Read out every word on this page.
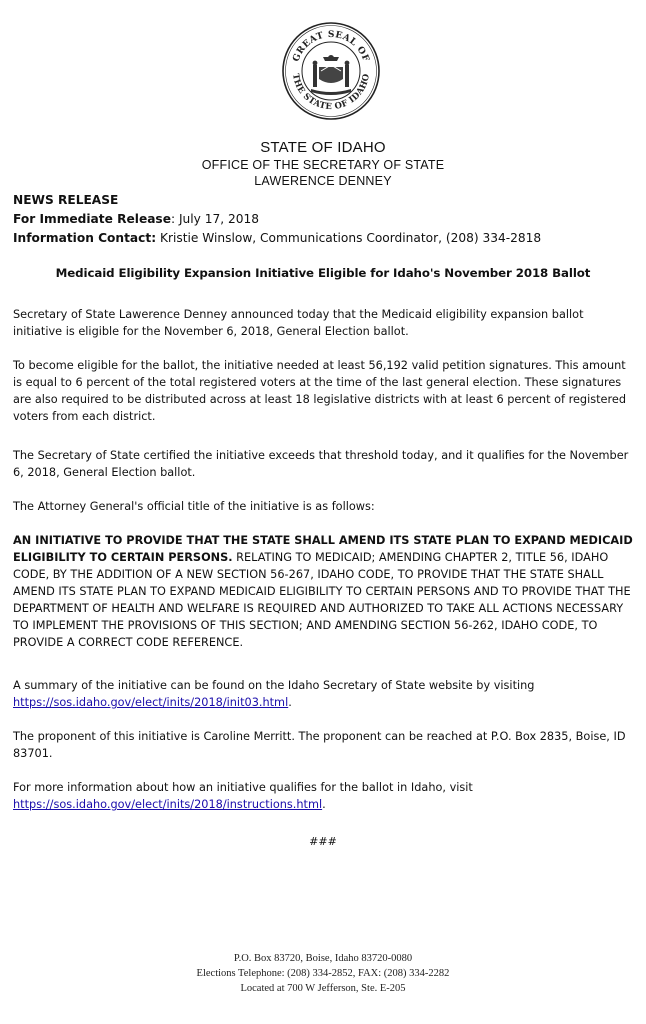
GREAT SEAL OF
THE STATE OF IDAHO
STATE OF IDAHO
OFFICE OF THE SECRETARY OF STATE
LAWERENCE DENNEY
NEWS RELEASE
For Immediate Release: July 17, 2018
Information Contact: Kristie Winslow, Communications Coordinator, (208) 334-2818
Medicaid Eligibility Expansion Initiative Eligible for Idaho's November 2018 Ballot

Secretary of State Lawerence Denney announced today that the Medicaid eligibility expansion ballot initiative is eligible for the November 6, 2018, General Election ballot.

To become eligible for the ballot, the initiative needed at least 56,192 valid petition signatures. This amount is equal to 6 percent of the total registered voters at the time of the last general election. These signatures are also required to be distributed across at least 18 legislative districts with at least 6 percent of registered voters from each district.

The Secretary of State certified the initiative exceeds that threshold today, and it qualifies for the November 6, 2018, General Election ballot.

The Attorney General's official title of the initiative is as follows:

AN INITIATIVE TO PROVIDE THAT THE STATE SHALL AMEND ITS STATE PLAN TO EXPAND MEDICAID ELIGIBILITY TO CERTAIN PERSONS. RELATING TO MEDICAID; AMENDING CHAPTER 2, TITLE 56, IDAHO CODE, BY THE ADDITION OF A NEW SECTION 56-267, IDAHO CODE, TO PROVIDE THAT THE STATE SHALL AMEND ITS STATE PLAN TO EXPAND MEDICAID ELIGIBILITY TO CERTAIN PERSONS AND TO PROVIDE THAT THE DEPARTMENT OF HEALTH AND WELFARE IS REQUIRED AND AUTHORIZED TO TAKE ALL ACTIONS NECESSARY TO IMPLEMENT THE PROVISIONS OF THIS SECTION; AND AMENDING SECTION 56-262, IDAHO CODE, TO PROVIDE A CORRECT CODE REFERENCE.

A summary of the initiative can be found on the Idaho Secretary of State website by visiting https://sos.idaho.gov/elect/inits/2018/init03.html.

The proponent of this initiative is Caroline Merritt. The proponent can be reached at P.O. Box 2835, Boise, ID 83701.

For more information about how an initiative qualifies for the ballot in Idaho, visit https://sos.idaho.gov/elect/inits/2018/instructions.html.

###
P.O. Box 83720, Boise, Idaho 83720-0080
Elections Telephone: (208) 334-2852, FAX: (208) 334-2282
Located at 700 W Jefferson, Ste. E-205
